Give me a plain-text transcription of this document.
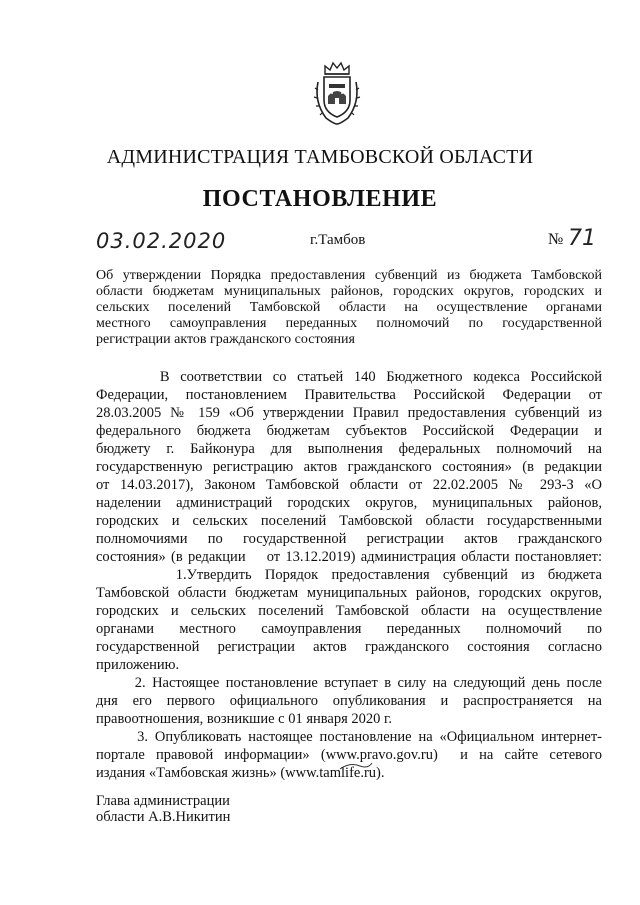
АДМИНИСТРАЦИЯ ТАМБОВСКОЙ ОБЛАСТИ
ПОСТАНОВЛЕНИЕ
03.02.2020	г.Тамбов	№ 71
Об утверждении Порядка предоставления субвенций из бюджета Тамбовской
области бюджетам муниципальных районов, городских округов, городских и
сельских поселений Тамбовской области на осуществление органами
местного самоуправления переданных полномочий по государственной
регистрации актов гражданского состояния
В соответствии со статьей 140 Бюджетного кодекса Российской
Федерации, постановлением Правительства Российской Федерации от
28.03.2005 № 159 «Об утверждении Правил предоставления субвенций из
федерального бюджета бюджетам субъектов Российской Федерации и
бюджету г. Байконура для выполнения федеральных полномочий на
государственную регистрацию актов гражданского состояния» (в редакции
от 14.03.2017), Законом Тамбовской области от 22.02.2005 № 293-З «О
наделении администраций городских округов, муниципальных районов,
городских и сельских поселений Тамбовской области государственными
полномочиями по государственной регистрации актов гражданского
состояния» (в редакции    от 13.12.2019) администрация области постановляет:
1.Утвердить Порядок предоставления субвенций из бюджета
Тамбовской области бюджетам муниципальных районов, городских округов,
городских и сельских поселений Тамбовской области на осуществление
органами местного самоуправления переданных полномочий по
государственной регистрации актов гражданского состояния согласно
приложению.
2. Настоящее постановление вступает в силу на следующий день после
дня его первого официального опубликования и распространяется на
правоотношения, возникшие с 01 января 2020 г.
3. Опубликовать настоящее постановление на «Официальном интернет-
портале правовой информации» (www.pravo.gov.ru)  и на сайте сетевого
издания «Тамбовская жизнь» (www.tamlife.ru).
Глава администрации
области А.В.Никитин
